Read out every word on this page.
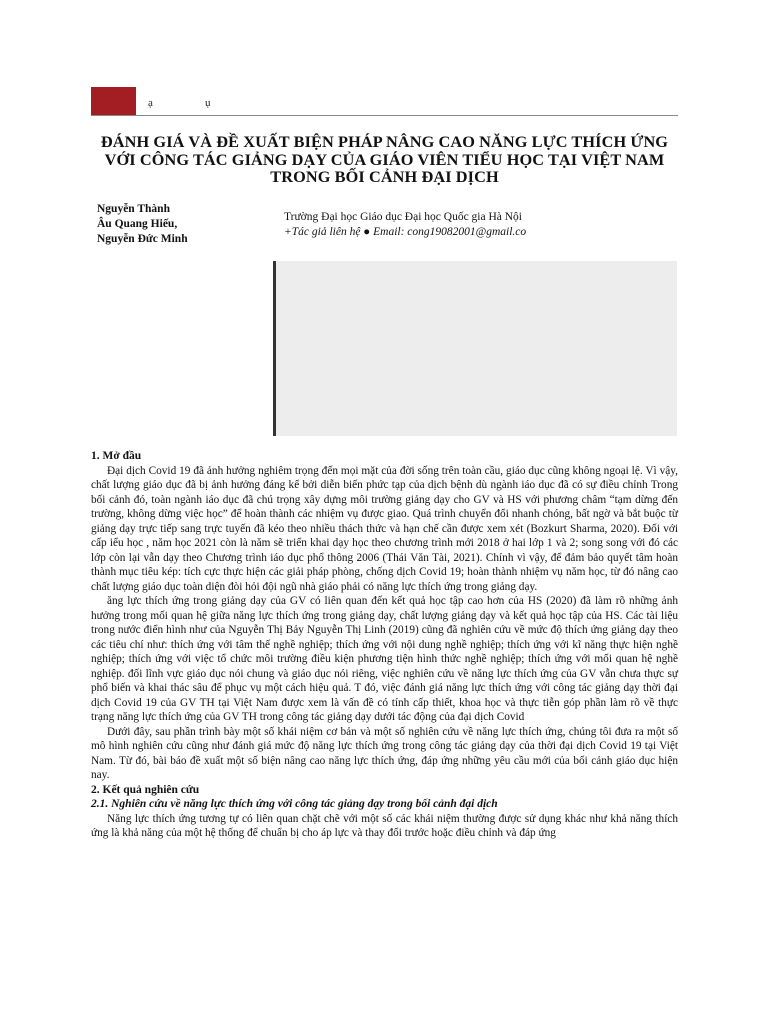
ạ	ụ
ĐÁNH GIÁ VÀ ĐỀ XUẤT BIỆN PHÁP NÂNG CAO NĂNG LỰC THÍCH ỨNG VỚI CÔNG TÁC GIẢNG DẠY CỦA GIÁO VIÊN TIỂU HỌC TẠI VIỆT NAM TRONG BỐI CẢNH ĐẠI DỊCH
Nguyễn Thành
Âu Quang Hiếu,
Nguyễn Đức Minh
Trường Đại học Giáo dục Đại học Quốc gia Hà Nội
+Tác giả liên hệ ● Email: cong19082001@gmail.co
1. Mở đầu

Đại dịch Covid 19 đã ảnh hưởng nghiêm trọng đến mọi mặt của đời sống trên toàn cầu, giáo dục cũng không ngoại lệ. Vì vậy, chất lượng giáo dục đã bị ảnh hưởng đáng kể bởi diễn biến phức tạp của dịch bệnh dù ngành iáo dục đã có sự điều chỉnh Trong bối cảnh đó, toàn ngành iáo dục đã chú trọng xây dựng môi trường giảng dạy cho GV và HS với phương châm “tạm dừng đến trường, không dừng việc học” để hoàn thành các nhiệm vụ được giao. Quá trình chuyển đổi nhanh chóng, bất ngờ và bắt buộc từ giảng dạy trực tiếp sang trực tuyến đã kéo theo nhiều thách thức và hạn chế cần được xem xét (Bozkurt Sharma, 2020). Đối với cấp iểu học , năm học 2021 còn là năm sẽ triển khai dạy học theo chương trình mới 2018 ở hai lớp 1 và 2; song song với đó các lớp còn lại vẫn dạy theo Chương trình iáo dục phổ thông 2006 (Thái Văn Tài, 2021). Chính vì vậy, để đảm bảo quyết tâm hoàn thành mục tiêu kép: tích cực thực hiện các giải pháp phòng, chống dịch Covid 19; hoàn thành nhiệm vụ năm học, từ đó nâng cao chất lượng giáo dục toàn diện đòi hỏi đội ngũ nhà giáo phải có năng lực thích ứng trong giảng dạy.

ăng lực thích ứng trong giảng dạy của GV có liên quan đến kết quả học tập cao hơn của HS (2020) đã làm rõ những ảnh hưởng trong mối quan hệ giữa năng lực thích ứng trong giảng dạy, chất lượng giảng dạy và kết quả học tập của HS. Các tài liệu trong nước điển hình như của Nguyễn Thị Bảy Nguyễn Thị Linh (2019) cũng đã nghiên cứu về mức độ thích ứng giảng dạy theo các tiêu chí như: thích ứng với tâm thế nghề nghiệp; thích ứng với nội dung nghề nghiệp; thích ứng với kĩ năng thực hiện nghề nghiệp; thích ứng với việc tổ chức môi trường điều kiện phương tiện hình thức nghề nghiệp; thích ứng với mối quan hệ nghề nghiệp. đối lĩnh vực giáo dục nói chung và giáo dục nói riêng, việc nghiên cứu về năng lực thích ứng của GV vẫn chưa thực sự phổ biến và khai thác sâu để phục vụ một cách hiệu quả. T đó, việc đánh giá năng lực thích ứng với công tác giảng dạy thời đại dịch Covid 19 của GV TH tại Việt Nam được xem là vấn đề có tính cấp thiết, khoa học và thực tiễn góp phần làm rõ về thực trạng năng lực thích ứng của GV TH trong công tác giảng dạy dưới tác động của đại dịch Covid

Dưới đây, sau phần trình bày một số khái niệm cơ bản và một số nghiên cứu về năng lực thích ứng, chúng tôi đưa ra một số mô hình nghiên cứu cũng như đánh giá mức độ năng lực thích ứng trong công tác giảng dạy của thời đại dịch Covid 19 tại Việt Nam. Từ đó, bài báo đề xuất một số biện nâng cao năng lực thích ứng, đáp ứng những yêu cầu mới của bối cảnh giáo dục hiện nay.

2. Kết quả nghiên cứu
2.1. Nghiên cứu về năng lực thích ứng với công tác giảng dạy trong bối cảnh đại dịch

Năng lực thích ứng tương tự có liên quan chặt chẽ với một số các khái niệm thường được sử dụng khác như khả năng thích ứng là khả năng của một hệ thống để chuẩn bị cho áp lực và thay đổi trước hoặc điều chỉnh và đáp ứng
